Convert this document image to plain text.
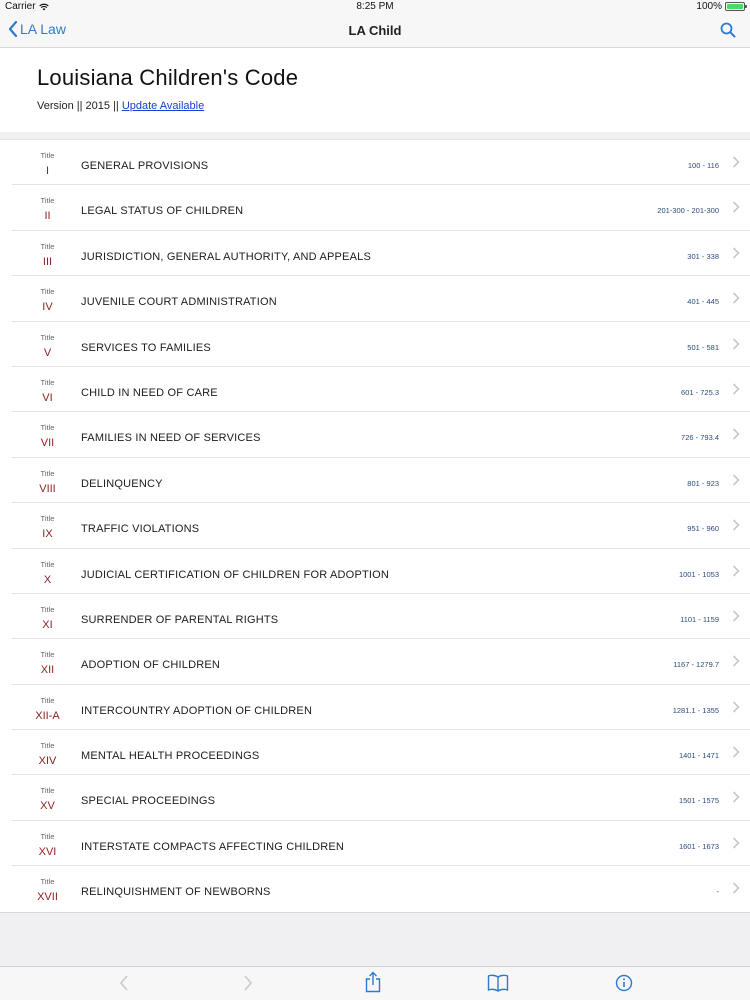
Carrier	8:25 PM	100%
LA Law	LA Child
Louisiana Children's Code
Version || 2015 || Update Available
Title
I	GENERAL PROVISIONS	100 - 116
Title
II	LEGAL STATUS OF CHILDREN	201-300 - 201-300
Title
III	JURISDICTION, GENERAL AUTHORITY, AND APPEALS	301 - 338
Title
IV	JUVENILE COURT ADMINISTRATION	401 - 445
Title
V	SERVICES TO FAMILIES	501 - 581
Title
VI	CHILD IN NEED OF CARE	601 - 725.3
Title
VII	FAMILIES IN NEED OF SERVICES	726 - 793.4
Title
VIII	DELINQUENCY	801 - 923
Title
IX	TRAFFIC VIOLATIONS	951 - 960
Title
X	JUDICIAL CERTIFICATION OF CHILDREN FOR ADOPTION	1001 - 1053
Title
XI	SURRENDER OF PARENTAL RIGHTS	1101 - 1159
Title
XII	ADOPTION OF CHILDREN	1167 - 1279.7
Title
XII-A	INTERCOUNTRY ADOPTION OF CHILDREN	1281.1 - 1355
Title
XIV	MENTAL HEALTH PROCEEDINGS	1401 - 1471
Title
XV	SPECIAL PROCEEDINGS	1501 - 1575
Title
XVI	INTERSTATE COMPACTS AFFECTING CHILDREN	1601 - 1673
Title
XVII	RELINQUISHMENT OF NEWBORNS	-
